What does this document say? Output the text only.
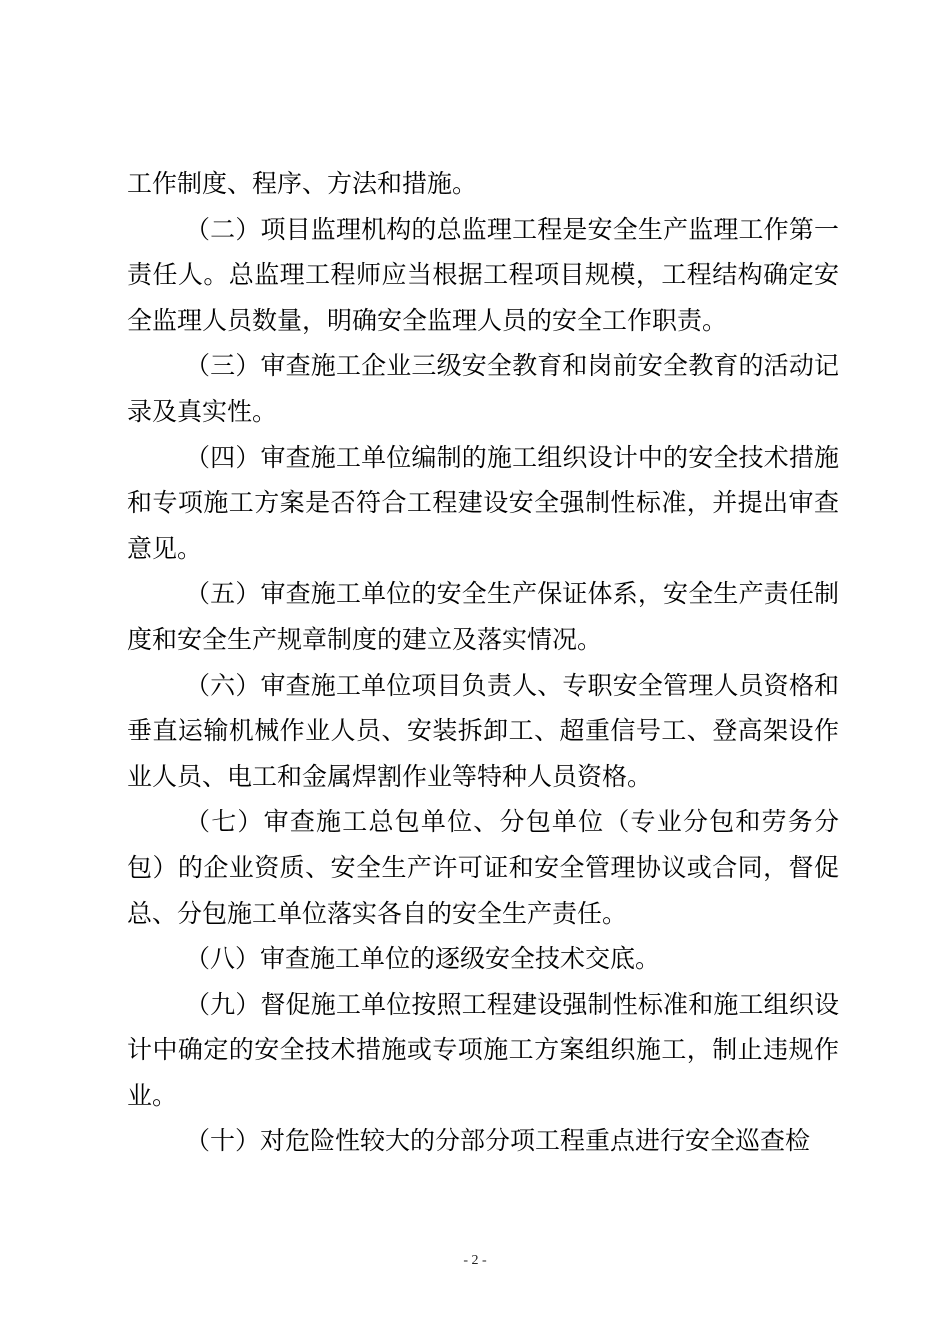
工作制度、程序、方法和措施。

（二）项目监理机构的总监理工程是安全生产监理工作第一责任人。总监理工程师应当根据工程项目规模，工程结构确定安全监理人员数量，明确安全监理人员的安全工作职责。

（三）审查施工企业三级安全教育和岗前安全教育的活动记录及真实性。

（四）审查施工单位编制的施工组织设计中的安全技术措施和专项施工方案是否符合工程建设安全强制性标准，并提出审查意见。

（五）审查施工单位的安全生产保证体系，安全生产责任制度和安全生产规章制度的建立及落实情况。

（六）审查施工单位项目负责人、专职安全管理人员资格和垂直运输机械作业人员、安装拆卸工、超重信号工、登高架设作业人员、电工和金属焊割作业等特种人员资格。

（七）审查施工总包单位、分包单位（专业分包和劳务分包）的企业资质、安全生产许可证和安全管理协议或合同，督促总、分包施工单位落实各自的安全生产责任。

（八）审查施工单位的逐级安全技术交底。

（九）督促施工单位按照工程建设强制性标准和施工组织设计中确定的安全技术措施或专项施工方案组织施工，制止违规作业。

（十）对危险性较大的分部分项工程重点进行安全巡查检

- 2 -
